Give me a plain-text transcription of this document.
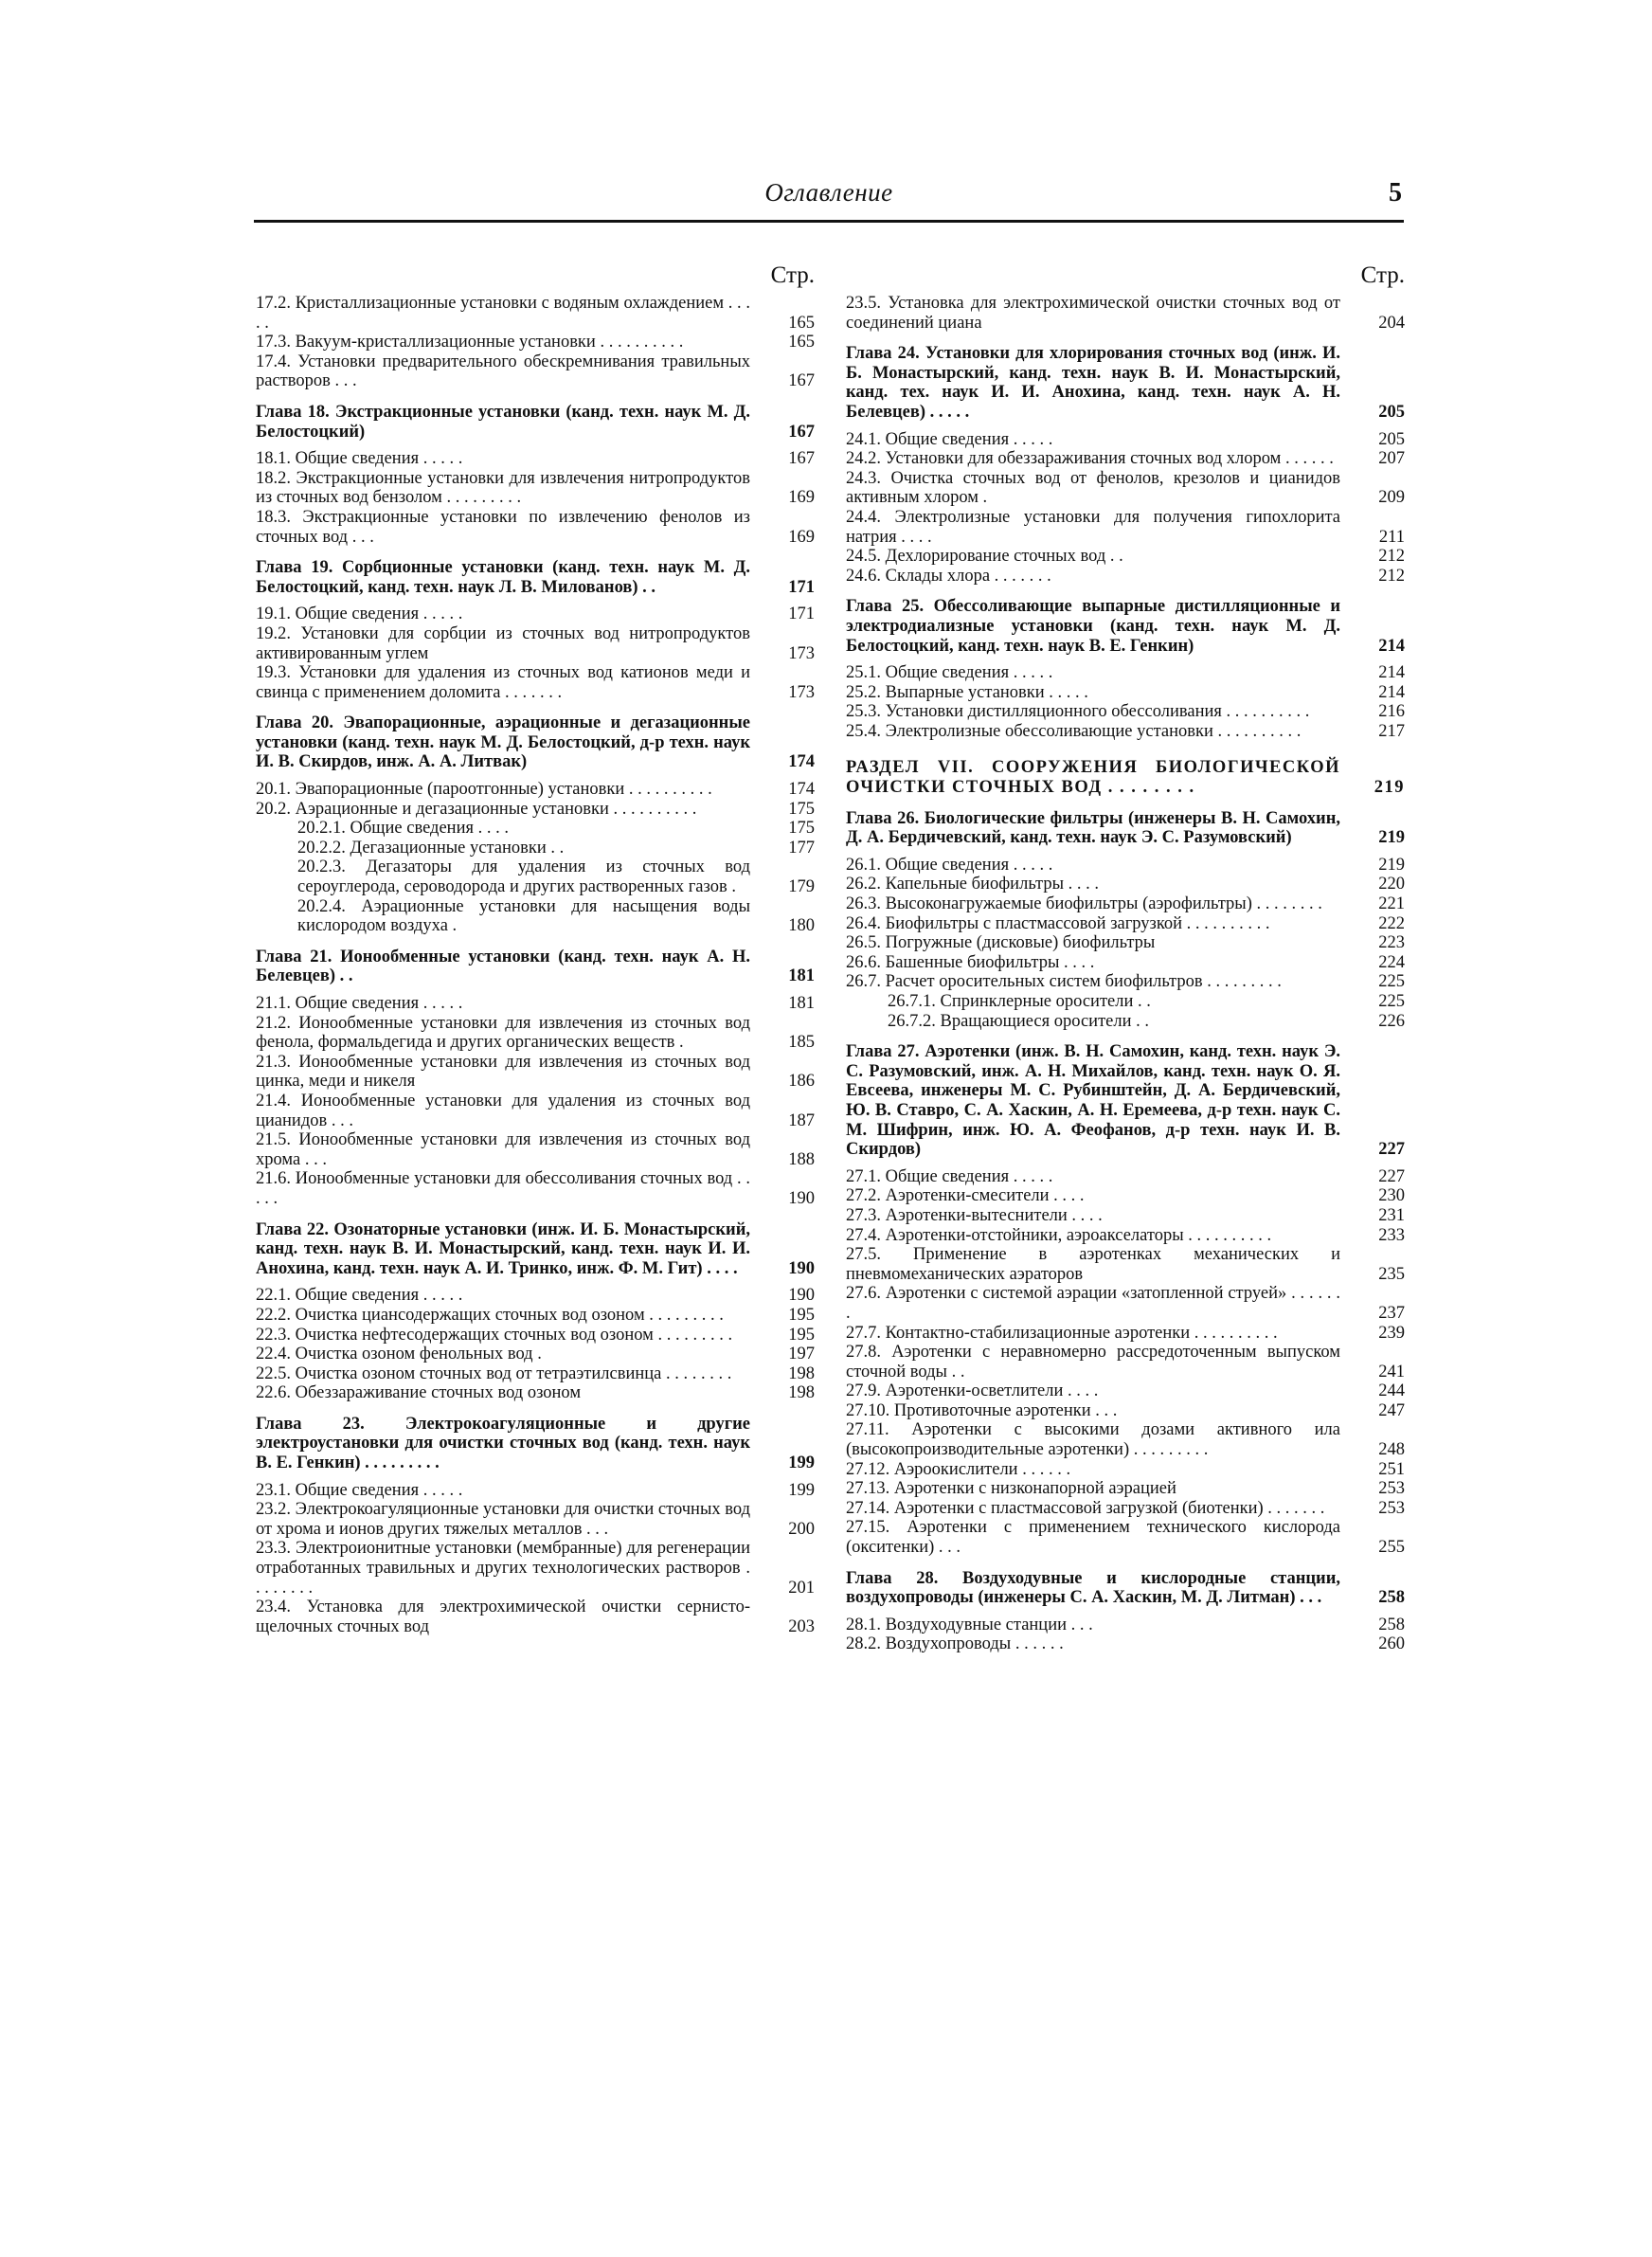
Оглавление	5
Стр.
17.2. Кристаллизационные установки с водяным охлаждением . . . . .	165
17.3. Вакуум-кристаллизационные установки . . . . . . . . . .	165
17.4. Установки предварительного обескремнивания травильных растворов . . .	167
Глава 18. Экстракционные установки (канд. техн. наук М. Д. Белостоцкий)	167
18.1. Общие сведения . . . . .	167
18.2. Экстракционные установки для извлечения нитропродуктов из сточных вод бензолом . . . . . . . . .	169
18.3. Экстракционные установки по извлечению фенолов из сточных вод . . .	169
Глава 19. Сорбционные установки (канд. техн. наук М. Д. Белостоцкий, канд. техн. наук Л. В. Милованов) . .	171
19.1. Общие сведения . . . . .	171
19.2. Установки для сорбции из сточных вод нитропродуктов активированным углем	173
19.3. Установки для удаления из сточных вод катионов меди и свинца с применением доломита . . . . . . .	173
Глава 20. Эвапорационные, аэрационные и дегазационные установки (канд. техн. наук М. Д. Белостоцкий, д-р техн. наук И. В. Скирдов, инж. А. А. Литвак)	174
20.1. Эвапорационные (пароотгонные) установки . . . . . . . . . .	174
20.2. Аэрационные и дегазационные установки . . . . . . . . . .	175
20.2.1. Общие сведения . . . .	175
20.2.2. Дегазационные установки . .	177
20.2.3. Дегазаторы для удаления из сточных вод сероуглерода, сероводорода и других растворенных газов .	179
20.2.4. Аэрационные установки для насыщения воды кислородом воздуха .	180
Глава 21. Ионообменные установки (канд. техн. наук А. Н. Белевцев) . .	181
21.1. Общие сведения . . . . .	181
21.2. Ионообменные установки для извлечения из сточных вод фенола, формальдегида и других органических веществ .	185
21.3. Ионообменные установки для извлечения из сточных вод цинка, меди и никеля	186
21.4. Ионообменные установки для удаления из сточных вод цианидов . . .	187
21.5. Ионообменные установки для извлечения из сточных вод хрома . . .	188
21.6. Ионообменные установки для обессоливания сточных вод . . . . .	190
Глава 22. Озонаторные установки (инж. И. Б. Монастырский, канд. техн. наук В. И. Монастырский, канд. техн. наук И. И. Анохина, канд. техн. наук А. И. Тринко, инж. Ф. М. Гит) . . . .	190
22.1. Общие сведения . . . . .	190
22.2. Очистка циансодержащих сточных вод озоном . . . . . . . . .	195
22.3. Очистка нефтесодержащих сточных вод озоном . . . . . . . . .	195
22.4. Очистка озоном фенольных вод .	197
22.5. Очистка озоном сточных вод от тетраэтилсвинца . . . . . . . .	198
22.6. Обеззараживание сточных вод озоном	198
Глава 23. Электрокоагуляционные и другие электроустановки для очистки сточных вод (канд. техн. наук В. Е. Генкин) . . . . . . . . .	199
23.1. Общие сведения . . . . .	199
23.2. Электрокоагуляционные установки для очистки сточных вод от хрома и ионов других тяжелых металлов . . .	200
23.3. Электроионитные установки (мембранные) для регенерации отработанных травильных и других технологических растворов . . . . . . . .	201
23.4. Установка для электрохимической очистки сернисто-щелочных сточных вод	203
Стр.
23.5. Установка для электрохимической очистки сточных вод от соединений циана	204
Глава 24. Установки для хлорирования сточных вод (инж. И. Б. Монастырский, канд. техн. наук В. И. Монастырский, канд. тех. наук И. И. Анохина, канд. техн. наук А. Н. Белевцев) . . . . .	205
24.1. Общие сведения . . . . .	205
24.2. Установки для обеззараживания сточных вод хлором . . . . . .	207
24.3. Очистка сточных вод от фенолов, крезолов и цианидов активным хлором .	209
24.4. Электролизные установки для получения гипохлорита натрия . . . .	211
24.5. Дехлорирование сточных вод . .	212
24.6. Склады хлора . . . . . . .	212
Глава 25. Обессоливающие выпарные дистилляционные и электродиализные установки (канд. техн. наук М. Д. Белостоцкий, канд. техн. наук В. Е. Генкин)	214
25.1. Общие сведения . . . . .	214
25.2. Выпарные установки . . . . .	214
25.3. Установки дистилляционного обессоливания . . . . . . . . . .	216
25.4. Электролизные обессоливающие установки . . . . . . . . . .	217
РАЗДЕЛ VII. СООРУЖЕНИЯ БИОЛОГИЧЕСКОЙ ОЧИСТКИ СТОЧНЫХ ВОД . . . . . . . .	219
Глава 26. Биологические фильтры (инженеры В. Н. Самохин, Д. А. Бердичевский, канд. техн. наук Э. С. Разумовский)	219
26.1. Общие сведения . . . . .	219
26.2. Капельные биофильтры . . . .	220
26.3. Высоконагружаемые биофильтры (аэрофильтры) . . . . . . . .	221
26.4. Биофильтры с пластмассовой загрузкой . . . . . . . . . .	222
26.5. Погружные (дисковые) биофильтры	223
26.6. Башенные биофильтры . . . .	224
26.7. Расчет оросительных систем биофильтров . . . . . . . . .	225
26.7.1. Спринклерные оросители . .	225
26.7.2. Вращающиеся оросители . .	226
Глава 27. Аэротенки (инж. В. Н. Самохин, канд. техн. наук Э. С. Разумовский, инж. А. Н. Михайлов, канд. техн. наук О. Я. Евсеева, инженеры М. С. Рубинштейн, Д. А. Бердичевский, Ю. В. Ставро, С. А. Хаскин, А. Н. Еремеева, д-р техн. наук С. М. Шифрин, инж. Ю. А. Феофанов, д-р техн. наук И. В. Скирдов)	227
27.1. Общие сведения . . . . .	227
27.2. Аэротенки-смесители . . . .	230
27.3. Аэротенки-вытеснители . . . .	231
27.4. Аэротенки-отстойники, аэроакселаторы . . . . . . . . . .	233
27.5. Применение в аэротенках механических и пневмомеханических аэраторов	235
27.6. Аэротенки с системой аэрации «затопленной струей» . . . . . . .	237
27.7. Контактно-стабилизационные аэротенки . . . . . . . . . .	239
27.8. Аэротенки с неравномерно рассредоточенным выпуском сточной воды . .	241
27.9. Аэротенки-осветлители . . . .	244
27.10. Противоточные аэротенки . . .	247
27.11. Аэротенки с высокими дозами активного ила (высокопроизводительные аэротенки) . . . . . . . . .	248
27.12. Аэроокислители . . . . . .	251
27.13. Аэротенки с низконапорной аэрацией	253
27.14. Аэротенки с пластмассовой загрузкой (биотенки) . . . . . . .	253
27.15. Аэротенки с применением технического кислорода (окситенки) . . .	255
Глава 28. Воздуходувные и кислородные станции, воздухопроводы (инженеры С. А. Хаскин, М. Д. Литман) . . .	258
28.1. Воздуходувные станции . . .	258
28.2. Воздухопроводы . . . . . .	260
